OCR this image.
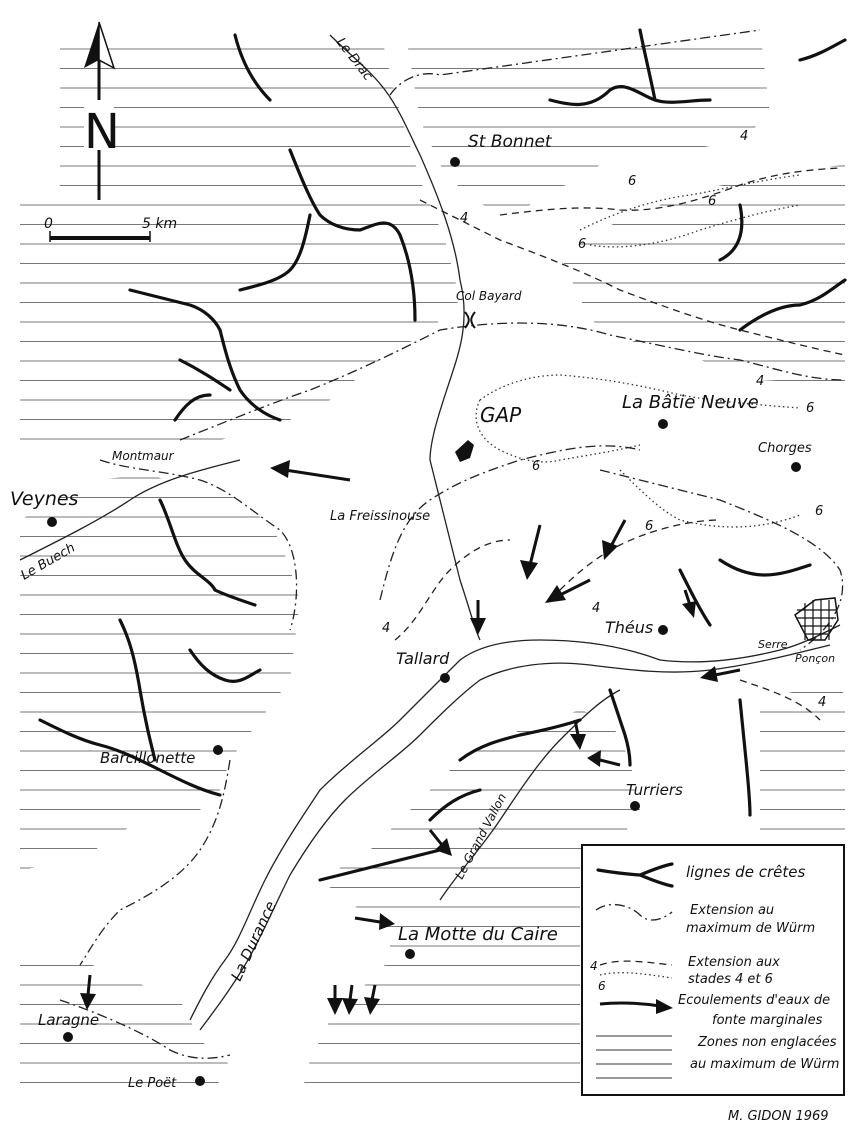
N
0	5 km
St Bonnet
Le Drac
Col Bayard
GAP
La Bâtie Neuve
Chorges
Montmaur
Veynes
Le Buech
La Freissinouse
Théus
Serre
Ponçon
Tallard
Barcillonette
Turriers
Le Grand Vallon
La Durance	La Motte du Caire
Laragne
Le Poët
4
4
6
6
6
4
6
6
6
6
4
4
4
lignes de crêtes
Extension au
maximum de Würm
4
6
Extension aux
stades 4 et 6
Ecoulements d'eaux de
fonte marginales
Zones non englacées
au maximum de Würm
M. GIDON 1969
